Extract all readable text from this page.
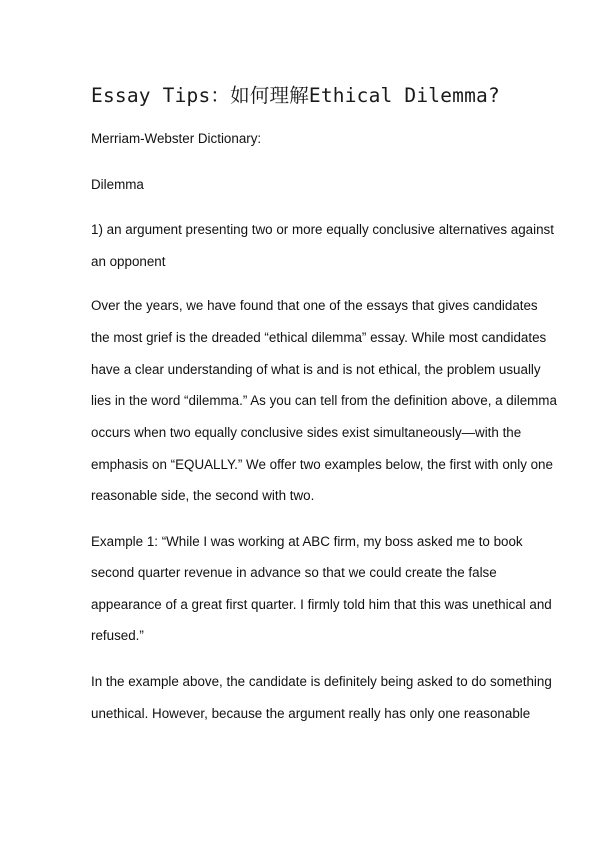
Essay Tips：如何理解Ethical Dilemma?
Merriam-Webster Dictionary:
Dilemma
1) an argument presenting two or more equally conclusive alternatives against
an opponent
Over the years, we have found that one of the essays that gives candidates
the most grief is the dreaded “ethical dilemma” essay. While most candidates
have a clear understanding of what is and is not ethical, the problem usually
lies in the word “dilemma.” As you can tell from the definition above, a dilemma
occurs when two equally conclusive sides exist simultaneously—with the
emphasis on “EQUALLY.” We offer two examples below, the first with only one
reasonable side, the second with two.
Example 1: “While I was working at ABC firm, my boss asked me to book
second quarter revenue in advance so that we could create the false
appearance of a great first quarter. I firmly told him that this was unethical and
refused.”
In the example above, the candidate is definitely being asked to do something
unethical. However, because the argument really has only one reasonable
